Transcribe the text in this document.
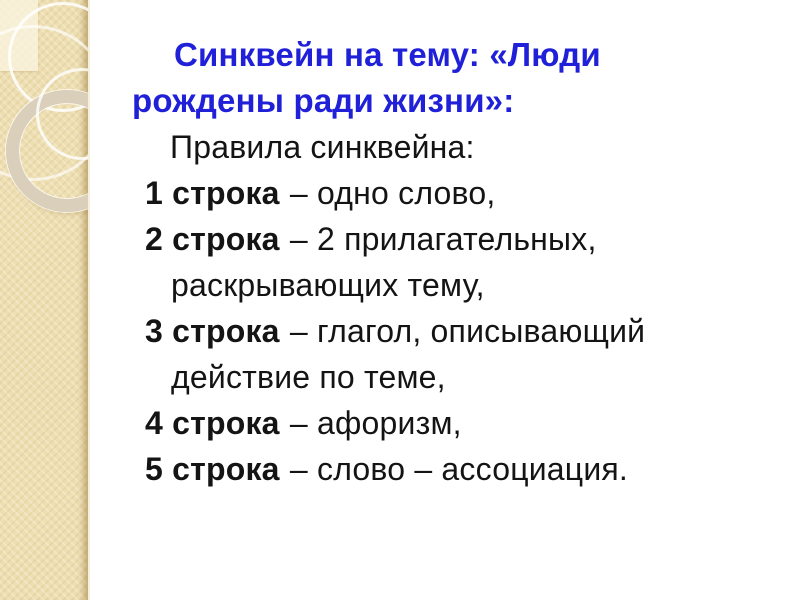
Синквейн на тему: «Люди
рождены ради жизни»:

Правила синквейна:

1 строка – одно слово,
2 строка – 2 прилагательных,
раскрывающих тему,
3 строка – глагол, описывающий
действие по теме,
4 строка – афоризм,
5 строка – слово – ассоциация.
